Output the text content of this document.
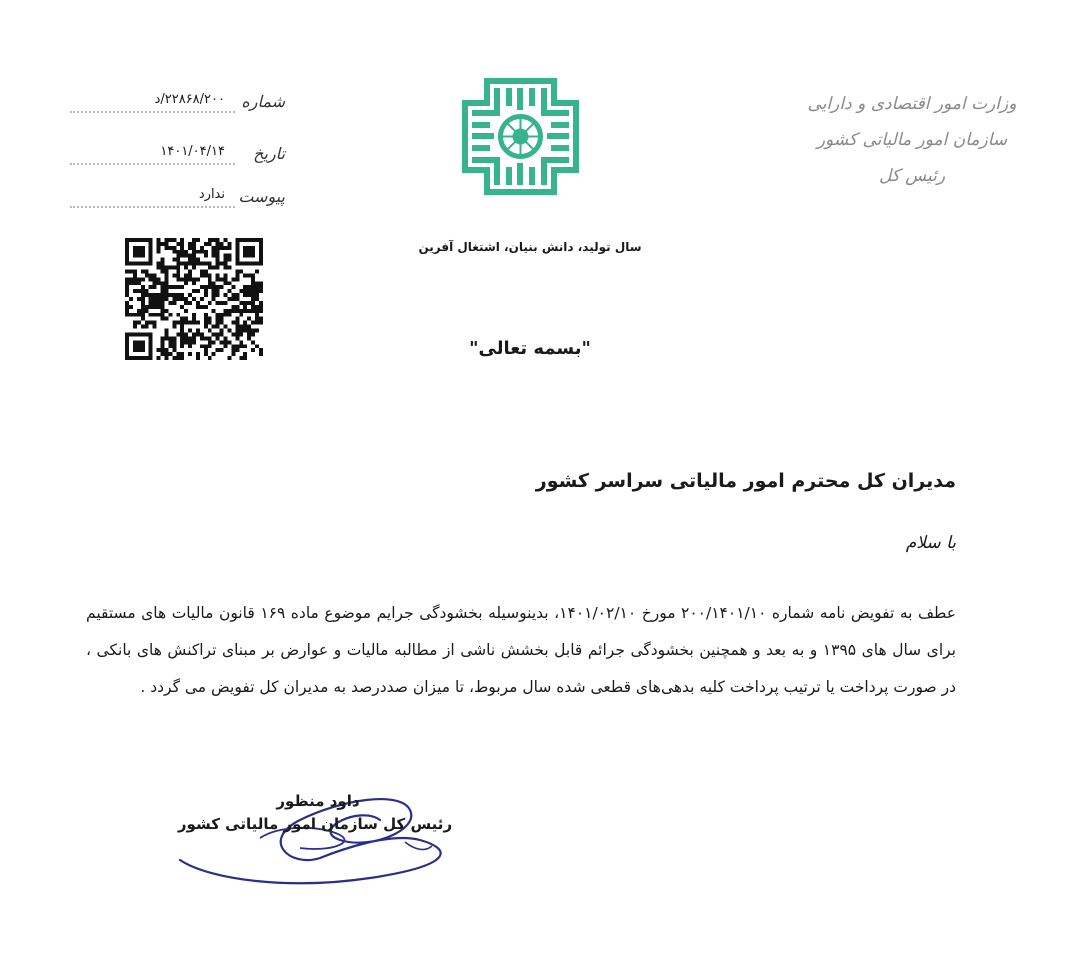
وزارت امور اقتصادی و دارایی
سازمان امور مالیاتی کشور
رئیس کل
سال تولید، دانش بنیان، اشتغال آفرین
شماره
۲۲۸۶۸/۲۰۰/د
تاریخ
۱۴۰۱/۰۴/۱۴
پیوست
ندارد
"بسمه تعالی"
مدیران کل محترم امور مالیاتی سراسر کشور
با سلام

عطف به تفویض نامه شماره ۲۰۰/۱۴۰۱/۱۰ مورخ ۱۴۰۱/۰۲/۱۰، بدینوسیله بخشودگی جرایم موضوع ماده ۱۶۹ قانون مالیات های مستقیم برای سال های ۱۳۹۵ و به بعد و همچنین بخشودگی جرائم قابل بخشش ناشی از مطالبه مالیات و عوارض بر مبنای تراکنش های بانکی ، در صورت پرداخت یا ترتیب پرداخت کلیه بدهی‌های قطعی شده سال مربوط، تا میزان صددرصد به مدیران کل تفویض می گردد .

داود منظور
رئیس کل سازمان امور مالیاتی کشور
